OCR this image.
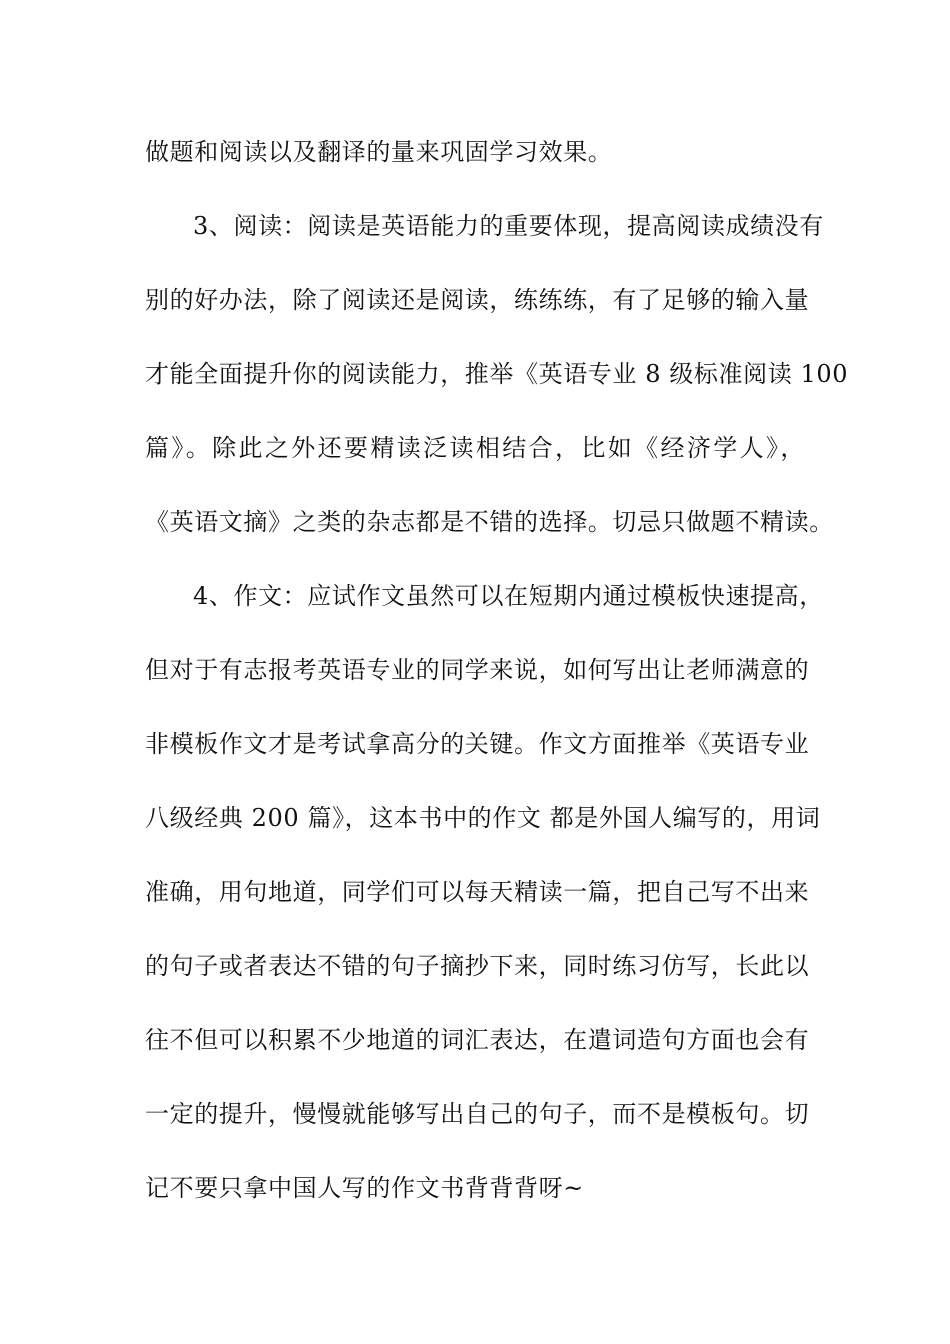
做题和阅读以及翻译的量来巩固学习效果。
3、阅读：阅读是英语能力的重要体现，提高阅读成绩没有
别的好办法，除了阅读还是阅读，练练练，有了足够的输入量
才能全面提升你的阅读能力，推举《英语专业 8 级标准阅读 100
篇》。除此之外还要精读泛读相结合，比如《经济学人》，
《英语文摘》之类的杂志都是不错的选择。切忌只做题不精读。
4、作文：应试作文虽然可以在短期内通过模板快速提高，
但对于有志报考英语专业的同学来说，如何写出让老师满意的
非模板作文才是考试拿高分的关键。作文方面推举《英语专业
八级经典 200 篇》，这本书中的作文 都是外国人编写的，用词
准确，用句地道，同学们可以每天精读一篇，把自己写不出来
的句子或者表达不错的句子摘抄下来，同时练习仿写，长此以
往不但可以积累不少地道的词汇表达，在遣词造句方面也会有
一定的提升，慢慢就能够写出自己的句子，而不是模板句。切
记不要只拿中国人写的作文书背背背呀~
